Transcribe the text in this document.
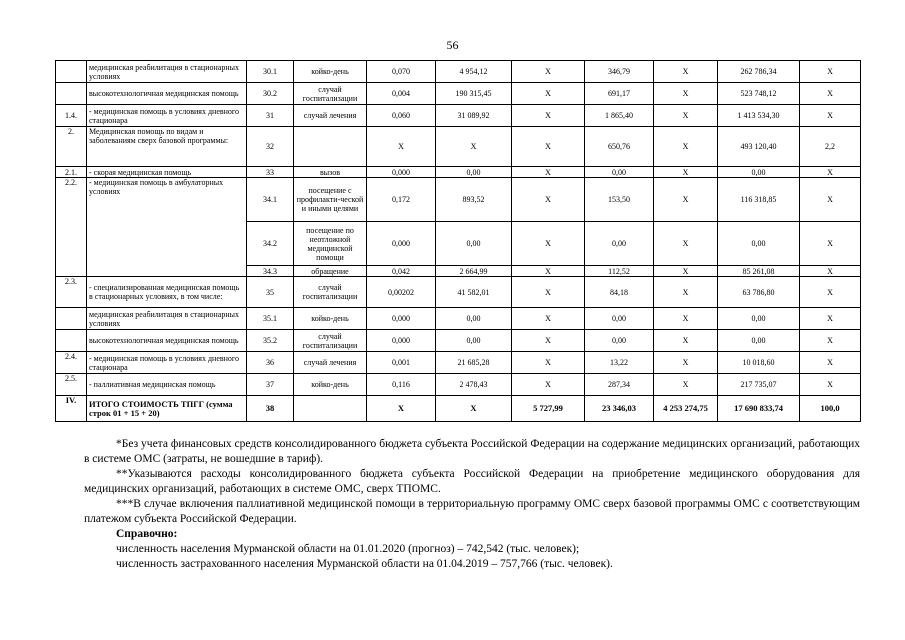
56
	медицинская реабилитация в стационарных условиях	30.1	койко-день	0,070	4 954,12	X	346,79	X	262 786,34	X
	высокотехнологичная медицинская помощь	30.2	случай госпитализации	0,004	190 315,45	X	691,17	X	523 748,12	X
1.4.	- медицинская помощь в условиях дневного стационара	31	случай лечения	0,060	31 089,92	X	1 865,40	X	1 413 534,30	X
2.	Медицинская помощь по видам и заболеваниям сверх базовой программы:	32		X	X	X	650,76	X	493 120,40	2,2
2.1.	- скорая медицинская помощь	33	вызов	0,000	0,00	X	0,00	X	0,00	X
2.2.	- медицинская помощь в амбулаторных условиях	34.1	посещение с профилакти-ческой и иными целями	0,172	893,52	X	153,50	X	116 318,85	X
		34.2	посещение по неотложной медицинской помощи	0,000	0,00	X	0,00	X	0,00	X
		34.3	обращение	0,042	2 664,99	X	112,52	X	85 261,08	X
2.3.	- специализированная медицинская помощь в стационарных условиях, в том числе:	35	случай госпитализации	0,00202	41 582,01	X	84,18	X	63 786,80	X
	медицинская реабилитация в стационарных условиях	35.1	койко-день	0,000	0,00	X	0,00	X	0,00	X
	высокотехнологичная медицинская помощь	35.2	случай госпитализации	0,000	0,00	X	0,00	X	0,00	X
2.4.	- медицинская помощь в условиях дневного стационара	36	случай лечения	0,001	21 685,28	X	13,22	X	10 018,60	X
2.5.	- паллиативная медицинская помощь	37	койко-день	0,116	2 478,43	X	287,34	X	217 735,07	X
IV.	ИТОГО СТОИМОСТЬ ТПГГ (сумма строк 01 + 15 + 20)	38		X	X	5 727,99	23 346,03	4 253 274,75	17 690 833,74	100,0

*Без учета финансовых средств консолидированного бюджета субъекта Российской Федерации на содержание медицинских организаций, работающих в системе ОМС (затраты, не вошедшие в тариф).

**Указываются расходы консолидированного бюджета субъекта Российской Федерации на приобретение медицинского оборудования для медицинских организаций, работающих в системе ОМС, сверх ТПОМС.

***В случае включения паллиативной медицинской помощи в территориальную программу ОМС сверх базовой программы ОМС с соответствующим платежом субъекта Российской Федерации.

Справочно:

численность населения Мурманской области на 01.01.2020 (прогноз) – 742,542 (тыс. человек);

численность застрахованного населения Мурманской области на 01.04.2019 – 757,766 (тыс. человек).
